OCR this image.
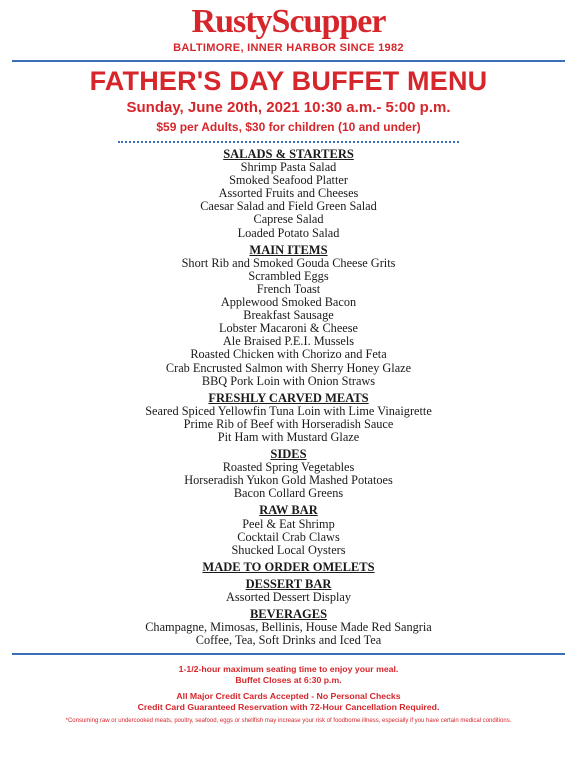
RustyScupper
BALTIMORE, INNER HARBOR SINCE 1982
FATHER'S DAY BUFFET MENU
Sunday, June 20th, 2021 10:30 a.m.- 5:00 p.m.
$59 per Adults, $30 for children (10 and under)
SALADS & STARTERS
Shrimp Pasta Salad
Smoked Seafood Platter
Assorted Fruits and Cheeses
Caesar Salad and Field Green Salad
Caprese Salad
Loaded Potato Salad
MAIN ITEMS
Short Rib and Smoked Gouda Cheese Grits
Scrambled Eggs
French Toast
Applewood Smoked Bacon
Breakfast Sausage
Lobster Macaroni & Cheese
Ale Braised P.E.I. Mussels
Roasted Chicken with Chorizo and Feta
Crab Encrusted Salmon with Sherry Honey Glaze
BBQ Pork Loin with Onion Straws
FRESHLY CARVED MEATS
Seared Spiced Yellowfin Tuna Loin with Lime Vinaigrette
Prime Rib of Beef with Horseradish Sauce
Pit Ham with Mustard Glaze
SIDES
Roasted Spring Vegetables
Horseradish Yukon Gold Mashed Potatoes
Bacon Collard Greens
RAW BAR
Peel & Eat Shrimp
Cocktail Crab Claws
Shucked Local Oysters
MADE TO ORDER OMELETS
DESSERT BAR
Assorted Dessert Display
BEVERAGES
Champagne, Mimosas, Bellinis, House Made Red Sangria
Coffee, Tea, Soft Drinks and Iced Tea

1-1/2-hour maximum seating time to enjoy your meal.
Buffet Closes at 6:30 p.m.

All Major Credit Cards Accepted - No Personal Checks
Credit Card Guaranteed Reservation with 72-Hour Cancellation Required.

*Consuming raw or undercooked meats, poultry, seafood, eggs or shellfish may increase your risk of foodborne illness, especially if you have certain medical conditions.
